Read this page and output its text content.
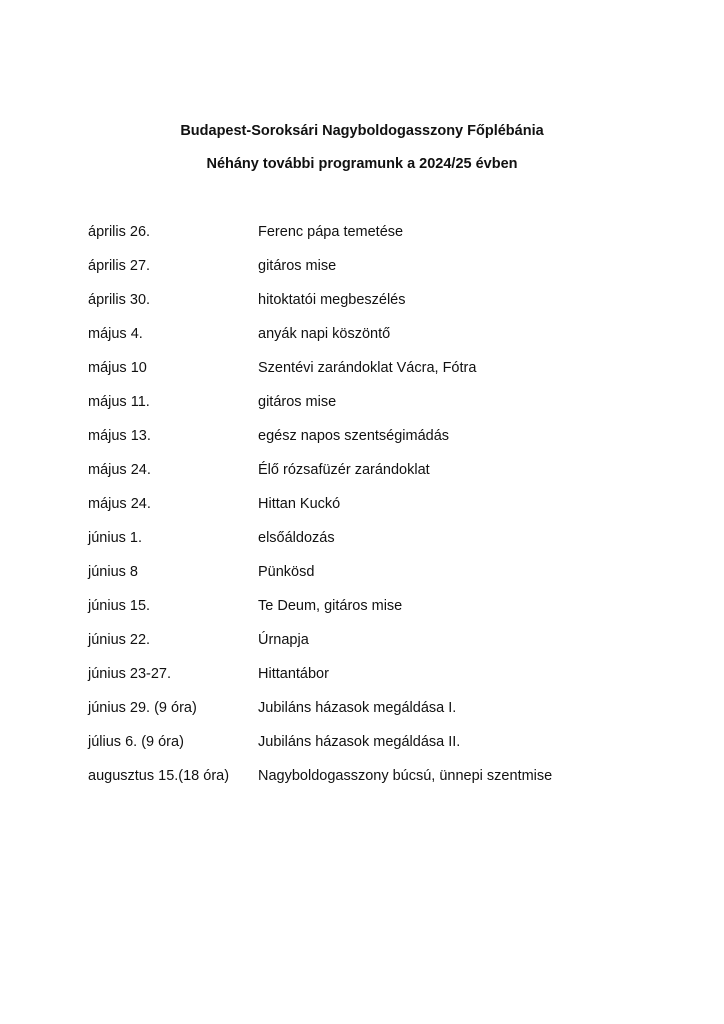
Budapest-Soroksári Nagyboldogasszony Főplébánia

Néhány további programunk a 2024/25 évben

április 26.	Ferenc pápa temetése
április 27.	gitáros mise
április 30.	hitoktatói megbeszélés
május 4.	anyák napi köszöntő
május 10	Szentévi zarándoklat Vácra, Fótra
május 11.	gitáros mise
május 13.	egész napos szentségimádás
május 24.	Élő rózsafüzér zarándoklat
május 24.	Hittan Kuckó
június 1.	elsőáldozás
június 8	Pünkösd
június 15.	Te Deum, gitáros mise
június 22.	Úrnapja
június 23-27.	Hittantábor
június 29. (9 óra)	Jubiláns házasok megáldása I.
július 6. (9 óra)	Jubiláns házasok megáldása II.
augusztus 15.(18 óra)	Nagyboldogasszony búcsú, ünnepi szentmise
